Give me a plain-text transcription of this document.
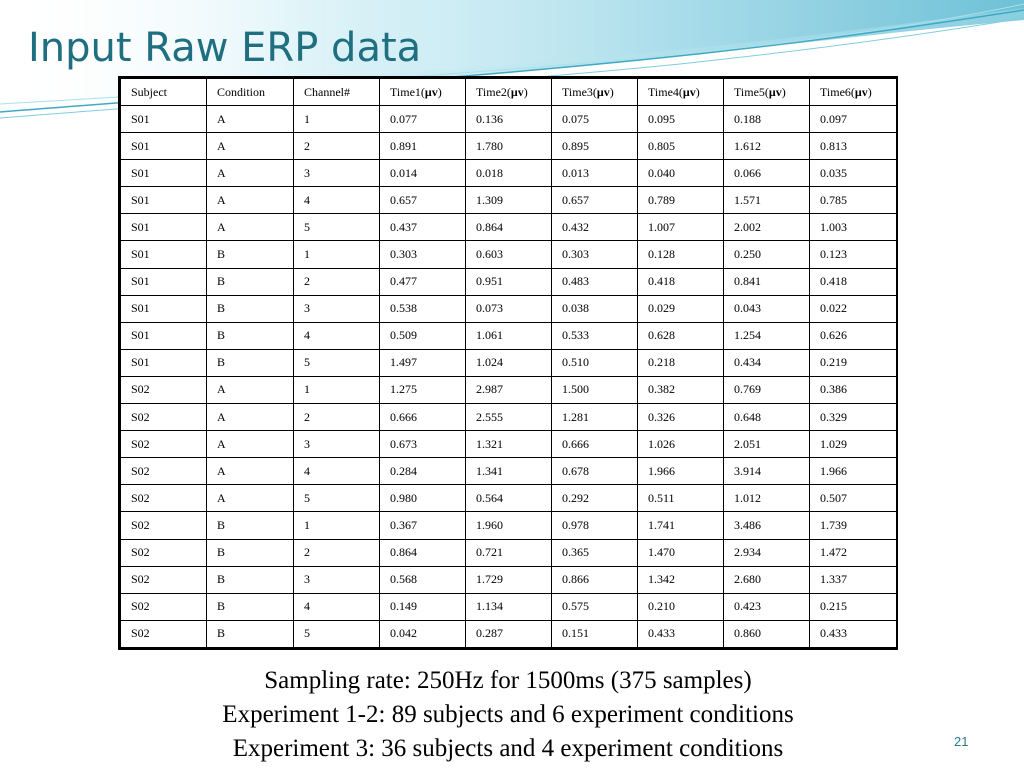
Input Raw ERP data
Subject	Condition	Channel#	Time1(μv)	Time2(μv)	Time3(μv)	Time4(μv)	Time5(μv)	Time6(μv)
S01	A	1	0.077	0.136	0.075	0.095	0.188	0.097
S01	A	2	0.891	1.780	0.895	0.805	1.612	0.813
S01	A	3	0.014	0.018	0.013	0.040	0.066	0.035
S01	A	4	0.657	1.309	0.657	0.789	1.571	0.785
S01	A	5	0.437	0.864	0.432	1.007	2.002	1.003
S01	B	1	0.303	0.603	0.303	0.128	0.250	0.123
S01	B	2	0.477	0.951	0.483	0.418	0.841	0.418
S01	B	3	0.538	0.073	0.038	0.029	0.043	0.022
S01	B	4	0.509	1.061	0.533	0.628	1.254	0.626
S01	B	5	1.497	1.024	0.510	0.218	0.434	0.219
S02	A	1	1.275	2.987	1.500	0.382	0.769	0.386
S02	A	2	0.666	2.555	1.281	0.326	0.648	0.329
S02	A	3	0.673	1.321	0.666	1.026	2.051	1.029
S02	A	4	0.284	1.341	0.678	1.966	3.914	1.966
S02	A	5	0.980	0.564	0.292	0.511	1.012	0.507
S02	B	1	0.367	1.960	0.978	1.741	3.486	1.739
S02	B	2	0.864	0.721	0.365	1.470	2.934	1.472
S02	B	3	0.568	1.729	0.866	1.342	2.680	1.337
S02	B	4	0.149	1.134	0.575	0.210	0.423	0.215
S02	B	5	0.042	0.287	0.151	0.433	0.860	0.433

Sampling rate: 250Hz for 1500ms (375 samples)

Experiment 1-2: 89 subjects and 6 experiment conditions

Experiment 3: 36 subjects and 4 experiment conditions	21
